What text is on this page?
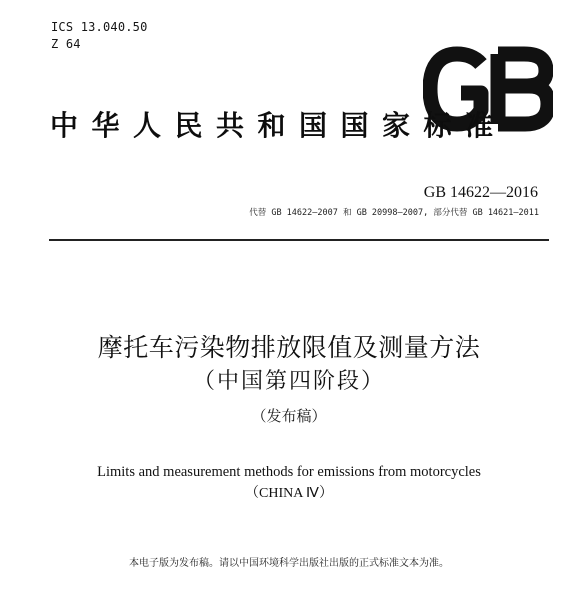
ICS 13.040.50
Z 64
中华人民共和国国家标准
GB 14622—2016
代替 GB 14622—2007 和 GB 20998—2007, 部分代替 GB 14621—2011
摩托车污染物排放限值及测量方法
（中国第四阶段）
（发布稿）
Limits and measurement methods for emissions from motorcycles
（CHINA Ⅳ）
本电子版为发布稿。请以中国环境科学出版社出版的正式标准文本为准。
